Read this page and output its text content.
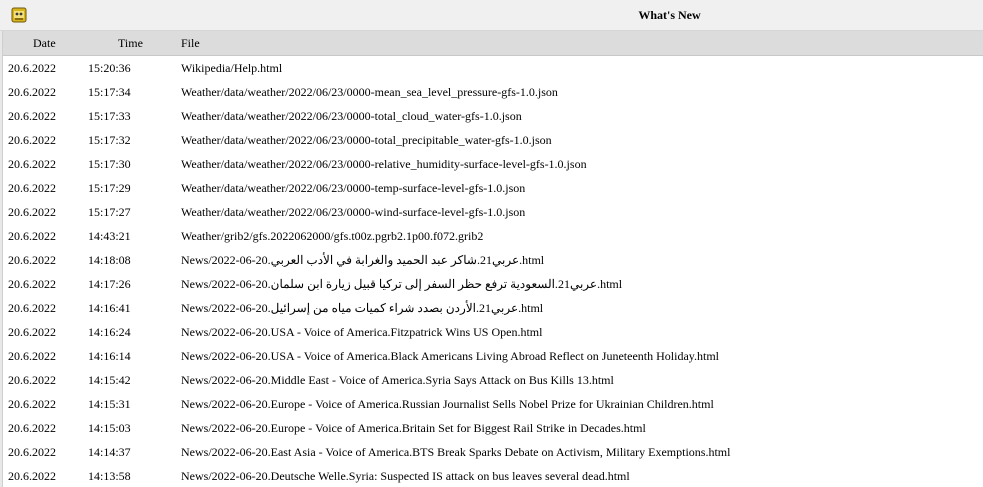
What's New
Date	Time	File
20.6.2022	15:20:36	Wikipedia/Help.html
20.6.2022	15:17:34	Weather/data/weather/2022/06/23/0000-mean_sea_level_pressure-gfs-1.0.json
20.6.2022	15:17:33	Weather/data/weather/2022/06/23/0000-total_cloud_water-gfs-1.0.json
20.6.2022	15:17:32	Weather/data/weather/2022/06/23/0000-total_precipitable_water-gfs-1.0.json
20.6.2022	15:17:30	Weather/data/weather/2022/06/23/0000-relative_humidity-surface-level-gfs-1.0.json
20.6.2022	15:17:29	Weather/data/weather/2022/06/23/0000-temp-surface-level-gfs-1.0.json
20.6.2022	15:17:27	Weather/data/weather/2022/06/23/0000-wind-surface-level-gfs-1.0.json
20.6.2022	14:43:21	Weather/grib2/gfs.2022062000/gfs.t00z.pgrb2.1p00.f072.grib2
20.6.2022	14:18:08	News/2022-06-20.عربي21.شاكر عبد الحميد والغرابة في الأدب العربي.html
20.6.2022	14:17:26	News/2022-06-20.عربي21.السعودية ترفع حظر السفر إلى تركيا قبيل زيارة ابن سلمان.html
20.6.2022	14:16:41	News/2022-06-20.عربي21.الأردن بصدد شراء كميات مياه من إسرائيل.html
20.6.2022	14:16:24	News/2022-06-20.USA - Voice of America.Fitzpatrick Wins US Open.html
20.6.2022	14:16:14	News/2022-06-20.USA - Voice of America.Black Americans Living Abroad Reflect on Juneteenth Holiday.html
20.6.2022	14:15:42	News/2022-06-20.Middle East - Voice of America.Syria Says Attack on Bus Kills 13.html
20.6.2022	14:15:31	News/2022-06-20.Europe - Voice of America.Russian Journalist Sells Nobel Prize for Ukrainian Children.html
20.6.2022	14:15:03	News/2022-06-20.Europe - Voice of America.Britain Set for Biggest Rail Strike in Decades.html
20.6.2022	14:14:37	News/2022-06-20.East Asia - Voice of America.BTS Break Sparks Debate on Activism, Military Exemptions.html
20.6.2022	14:13:58	News/2022-06-20.Deutsche Welle.Syria: Suspected IS attack on bus leaves several dead.html
